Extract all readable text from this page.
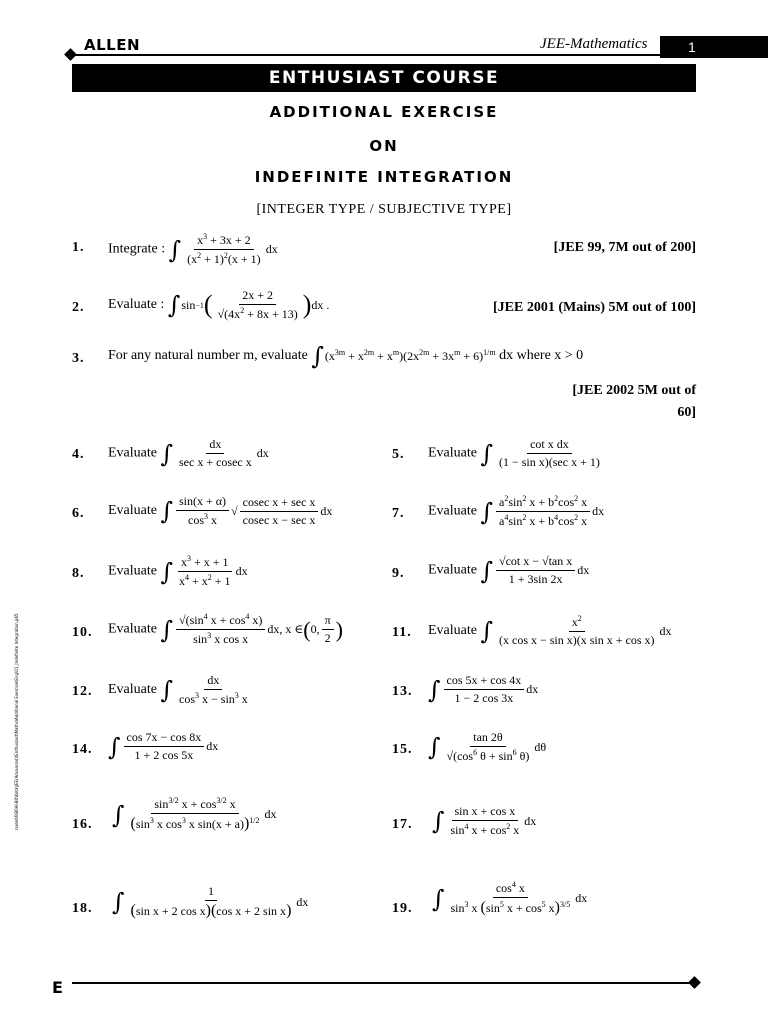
ALLEN	JEE-Mathematics	1
ENTHUSIAST COURSE
ADDITIONAL EXERCISE
ON
INDEFINITE INTEGRATION
[INTEGER TYPE / SUBJECTIVE TYPE]
1. Integrate : ∫ $\frac{x^3 + 3x + 2}{(x^2 + 1)^2(x + 1)}$ dx	[JEE 99, 7M out of 200]
2. Evaluate : ∫ sin −1 ( $\frac{2x + 2}{√(4x^2 + 8x + 13)}$ ) dx .	[JEE 2001 (Mains) 5M out of 100]
3. For any natural number m, evaluate ∫ $(x^{3m} + x^{2m} + x^m)(2x^{2m} + 3x^m + 6)^{1/m}$ dx where x > 0
[JEE 2002 5M out of
60]
4. Evaluate ∫ $\frac{dx}{\text{sec x + cosec x}}$ dx	5. Evaluate ∫ $\frac{\text{cot x dx}}{\text{(1 − sin x)(sec x + 1)}}$
6. Evaluate ∫ $\frac{\sin(x + \alpha)}{\cos^3 x}$ √ $\frac{\text{cosec x + sec x}}{\text{cosec x − sec x}}$ dx	7. Evaluate ∫ $\frac{a^2\sin^2 x + b^2\cos^2 x}{a^4\sin^2 x + b^4\cos^2 x}$ dx
8. Evaluate ∫ $\frac{x^3 + x + 1}{x^4 + x^2 + 1}$ dx	9. Evaluate ∫ $\frac{\text{√cot x − √tan x}}{1 + 3\sin 2x}$ dx
10. Evaluate ∫ $\frac{√(\sin^4 x + \cos^4 x)}{\sin^3 x \cos x}$ dx, x ∈ ( 0, $\frac{\pi}{2}$ )	11. Evaluate ∫ $\frac{x^2}{\text{(x cos x − sin x)(x sin x + cos x)}}$ dx
12. Evaluate ∫ $\frac{dx}{\cos^3 x - \sin^3 x}$	13. ∫ $\frac{\cos 5x + \cos 4x}{1 - 2 \cos 3x}$ dx
14. ∫ $\frac{\cos 7x - \cos 8x}{1 + 2 \cos 5x}$ dx	15. ∫ $\frac{\tan 2\theta}{√(\cos^6 \theta + \sin^6 \theta)}$ dθ
16. ∫ $\frac{\sin^{3/2} x + \cos^{3/2} x}{(\sin^3 x \cos^3 x \sin(x + a))^{1/2}}$ dx
17. ∫ $\frac{\text{sin x + cos x}}{\sin^4 x + \cos^2 x}$ dx
18. ∫ $\frac{1}{\text{(sin x + 2 cos x)(cos x + 2 sin x)}}$ dx	19. ∫ $\frac{\cos^4 x}{\sin^3 x (\sin^5 x + \cos^5 x)^{3/5}}$ dx
node06\B0AI-B0\Kota\JEE(Advanced)\Enthusiast\Maths\Additional Exercise\Eng\01_Indefinite Integration.p65
E
